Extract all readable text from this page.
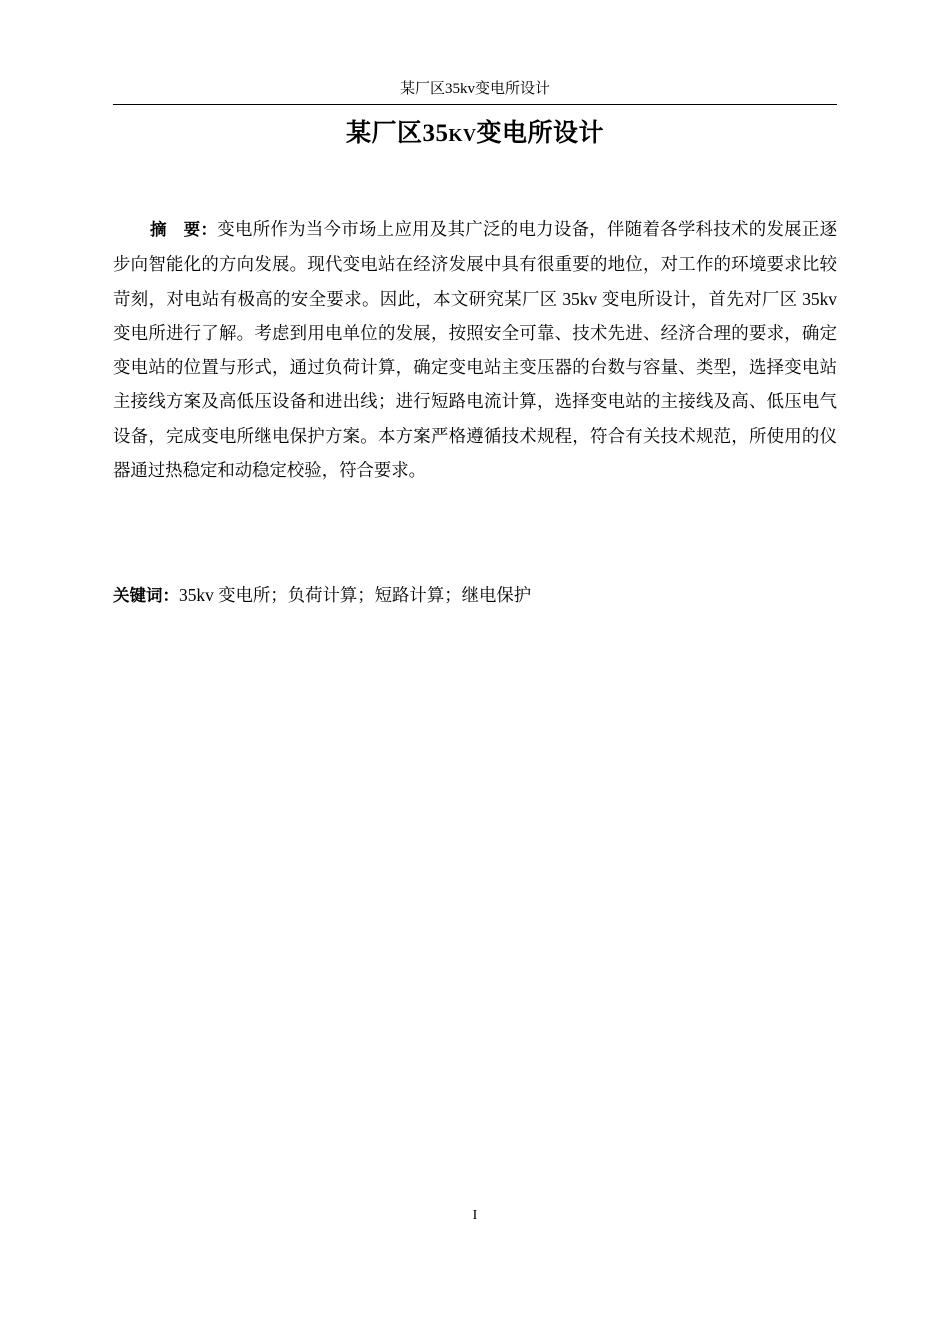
某厂区35kv变电所设计
某厂区35kv变电所设计

摘　要：变电所作为当今市场上应用及其广泛的电力设备，伴随着各学科技术的发展正逐步向智能化的方向发展。现代变电站在经济发展中具有很重要的地位，对工作的环境要求比较苛刻，对电站有极高的安全要求。因此，本文研究某厂区 35kv 变电所设计，首先对厂区 35kv 变电所进行了解。考虑到用电单位的发展，按照安全可靠、技术先进、经济合理的要求，确定变电站的位置与形式，通过负荷计算，确定变电站主变压器的台数与容量、类型，选择变电站主接线方案及高低压设备和进出线；进行短路电流计算，选择变电站的主接线及高、低压电气设备，完成变电所继电保护方案。本方案严格遵循技术规程，符合有关技术规范，所使用的仪器通过热稳定和动稳定校验，符合要求。

关键词：35kv 变电所；负荷计算；短路计算；继电保护

I
